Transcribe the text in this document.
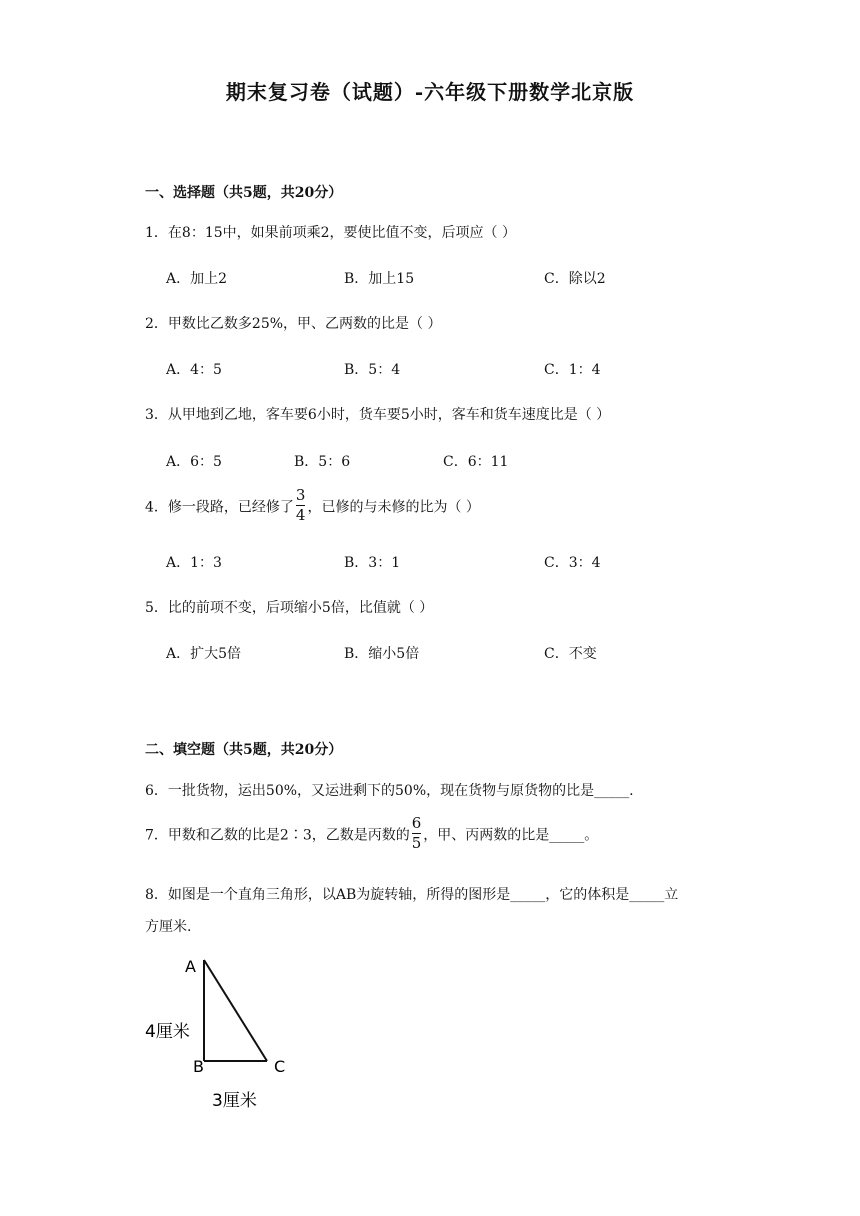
期末复习卷（试题）-六年级下册数学北京版
一、选择题（共5题，共20分）
1．在8：15中，如果前项乘2，要使比值不变，后项应（ ）
A．加上2	B．加上15	C．除以2
2．甲数比乙数多25%，甲、乙两数的比是（ ）
A．4：5	B．5：4	C．1：4
3．从甲地到乙地，客车要6小时，货车要5小时，客车和货车速度比是（ ）
A．6：5	B．5：6	C．6：11
4．修一段路，已经修了 $\frac{3}{4}$ ，已修的与未修的比为（ ）
A．1：3	B．3：1	C．3：4
5．比的前项不变，后项缩小5倍，比值就（ ）
A．扩大5倍	B．缩小5倍	C．不变
二、填空题（共5题，共20分）
6．一批货物，运出50%，又运进剩下的50%，现在货物与原货物的比是_____.
7．甲数和乙数的比是2∶3，乙数是丙数的 $\frac{6}{5}$ ，甲、丙两数的比是_____。
8．如图是一个直角三角形，以AB为旋转轴，所得的图形是_____，它的体积是_____立
方厘米.
A
B	C
4厘米
3厘米
